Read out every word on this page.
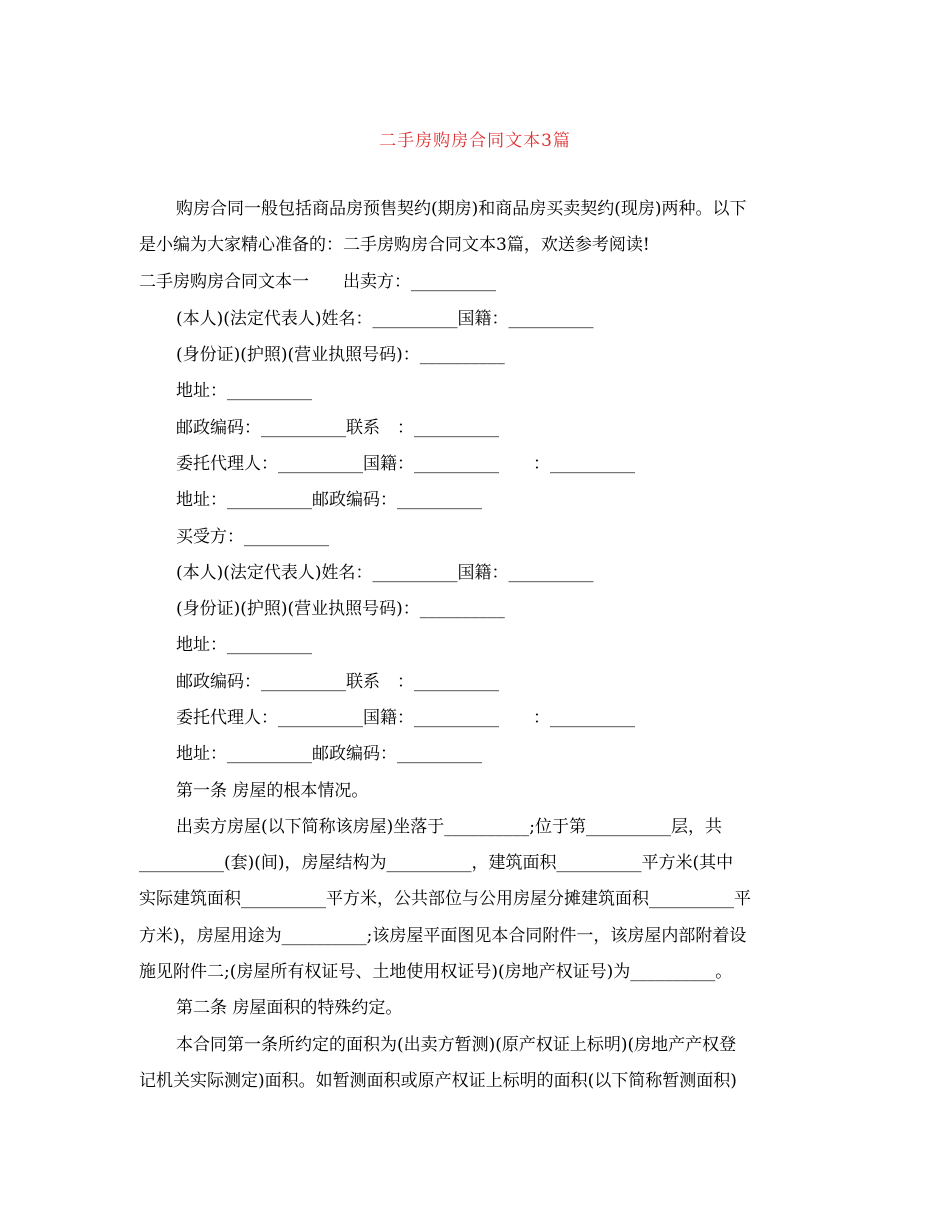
二手房购房合同文本3篇
购房合同一般包括商品房预售契约(期房)和商品房买卖契约(现房)两种。以下
是小编为大家精心准备的：二手房购房合同文本3篇，欢送参考阅读!
二手房购房合同文本一　　出卖方：__________
(本人)(法定代表人)姓名：__________国籍：__________
(身份证)(护照)(营业执照号码)：__________
地址：__________
邮政编码：__________联系　：__________
委托代理人：__________国籍：__________　　：__________
地址：__________邮政编码：__________
买受方：__________
(本人)(法定代表人)姓名：__________国籍：__________
(身份证)(护照)(营业执照号码)：__________
地址：__________
邮政编码：__________联系　：__________
委托代理人：__________国籍：__________　　：__________
地址：__________邮政编码：__________
第一条 房屋的根本情况。
出卖方房屋(以下简称该房屋)坐落于__________;位于第__________层，共
__________(套)(间)，房屋结构为__________，建筑面积__________平方米(其中
实际建筑面积__________平方米，公共部位与公用房屋分摊建筑面积__________平
方米)，房屋用途为__________;该房屋平面图见本合同附件一，该房屋内部附着设
施见附件二;(房屋所有权证号、土地使用权证号)(房地产权证号)为__________。
第二条 房屋面积的特殊约定。
本合同第一条所约定的面积为(出卖方暂测)(原产权证上标明)(房地产产权登
记机关实际测定)面积。如暂测面积或原产权证上标明的面积(以下简称暂测面积)
